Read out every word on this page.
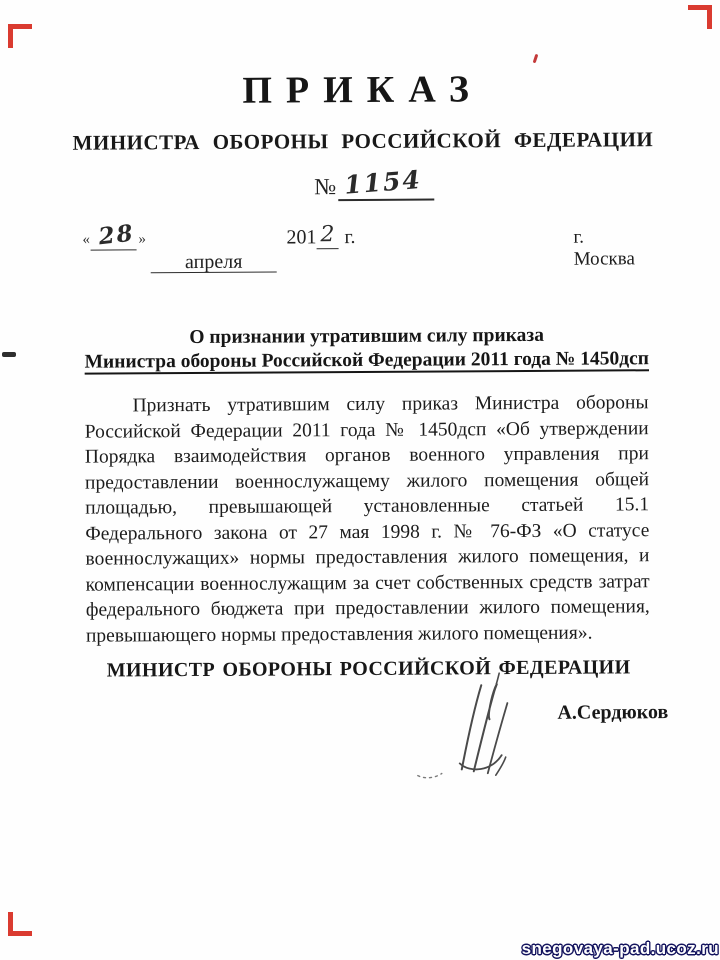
ПРИКАЗ
МИНИСТРА ОБОРОНЫ РОССИЙСКОЙ ФЕДЕРАЦИИ
№ 1154
« 28 »
апреля
201 2 г.	г. Москва
О признании утратившим силу приказа
Министра обороны Российской Федерации 2011 года № 1450дсп
Признать утратившим силу приказ Министра обороны
Российской Федерации 2011 года № 1450дсп «Об утверждении
Порядка взаимодействия органов военного управления при
предоставлении военнослужащему жилого помещения общей
площадью, превышающей установленные статьей 15.1
Федерального закона от 27 мая 1998 г. № 76-ФЗ «О статусе
военнослужащих» нормы предоставления жилого помещения, и
компенсации военнослужащим за счет собственных средств затрат
федерального бюджета при предоставлении жилого помещения,
превышающего нормы предоставления жилого помещения».
МИНИСТР ОБОРОНЫ РОССИЙСКОЙ ФЕДЕРАЦИИ
А.Сердюков
snegovaya-pad.ucoz.ru
